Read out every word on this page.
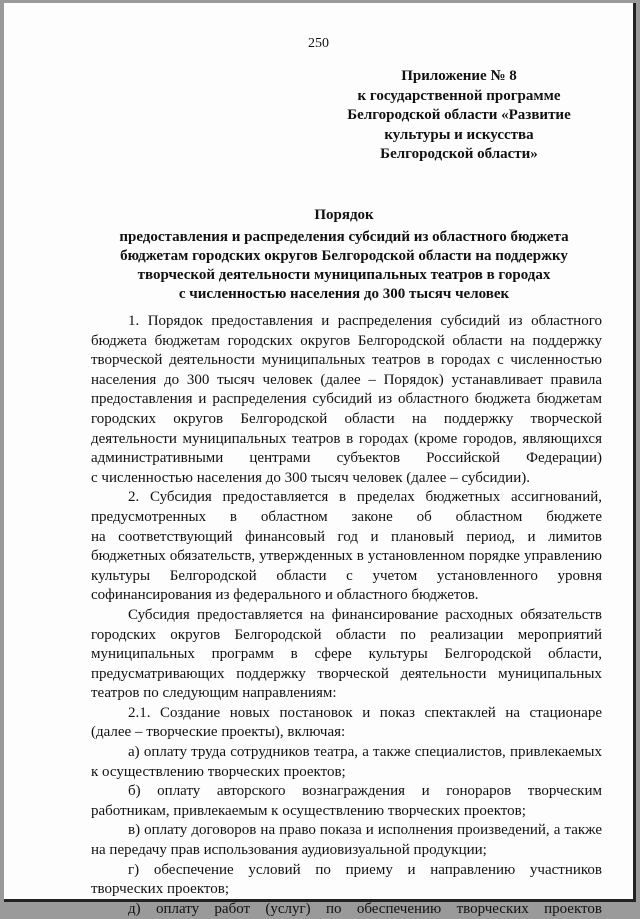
250
Приложение № 8
к государственной программе
Белгородской области «Развитие
культуры и искусства
Белгородской области»
Порядок
предоставления и распределения субсидий из областного бюджета
бюджетам городских округов Белгородской области на поддержку
творческой деятельности муниципальных театров в городах
с численностью населения до 300 тысяч человек
1. Порядок предоставления и распределения субсидий из областного
бюджета бюджетам городских округов Белгородской области на поддержку
творческой деятельности муниципальных театров в городах с численностью
населения до 300 тысяч человек (далее – Порядок) устанавливает правила
предоставления и распределения субсидий из областного бюджета бюджетам
городских округов Белгородской области на поддержку творческой
деятельности муниципальных театров в городах (кроме городов, являющихся
административными центрами субъектов Российской Федерации)
с численностью населения до 300 тысяч человек (далее – субсидии).
2. Субсидия предоставляется в пределах бюджетных ассигнований,
предусмотренных в областном законе об областном бюджете
на соответствующий финансовый год и плановый период, и лимитов
бюджетных обязательств, утвержденных в установленном порядке управлению
культуры Белгородской области с учетом установленного уровня
софинансирования из федерального и областного бюджетов.
Субсидия предоставляется на финансирование расходных обязательств
городских округов Белгородской области по реализации мероприятий
муниципальных программ в сфере культуры Белгородской области,
предусматривающих поддержку творческой деятельности муниципальных
театров по следующим направлениям:
2.1. Создание новых постановок и показ спектаклей на стационаре
(далее – творческие проекты), включая:
а) оплату труда сотрудников театра, а также специалистов, привлекаемых
к осуществлению творческих проектов;
б) оплату авторского вознаграждения и гонораров творческим
работникам, привлекаемым к осуществлению творческих проектов;
в) оплату договоров на право показа и исполнения произведений, а также
на передачу прав использования аудиовизуальной продукции;
г) обеспечение условий по приему и направлению участников
творческих проектов;
д) оплату работ (услуг) по обеспечению творческих проектов
